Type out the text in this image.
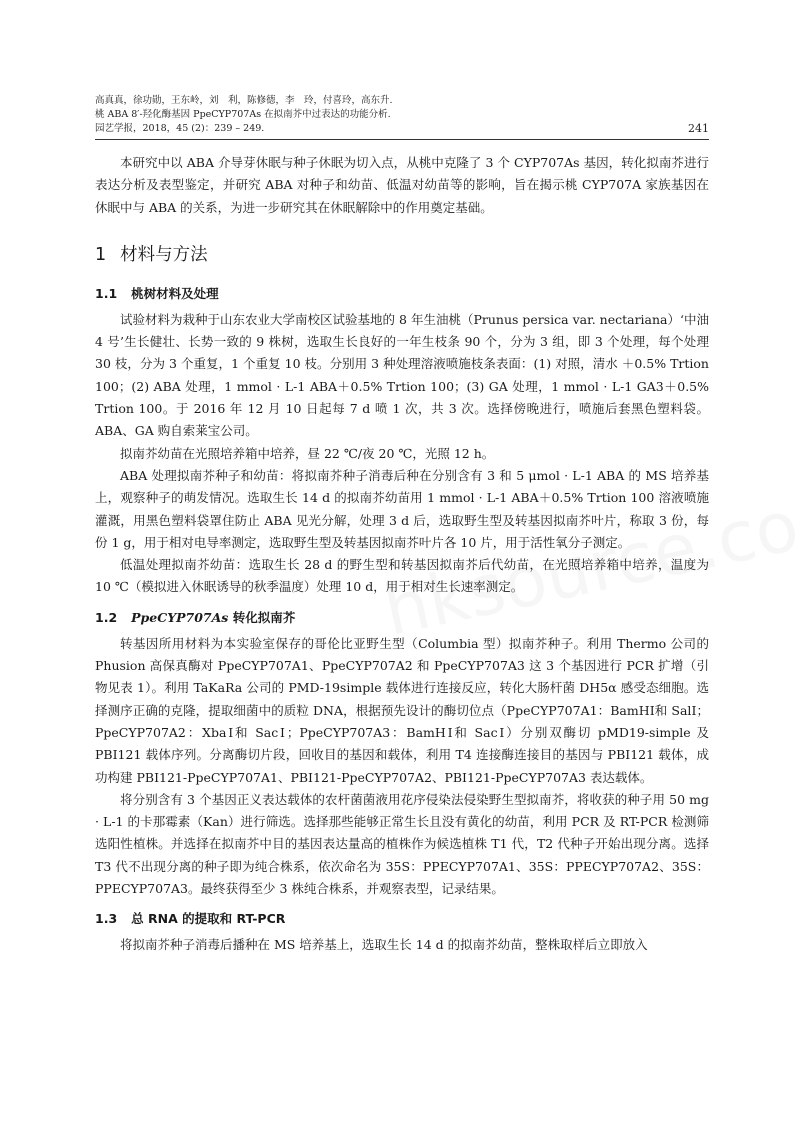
高真真，徐功勋，王东岭，刘　利，陈修德，李　玲，付喜玲，高东升.
桃 ABA 8′-羟化酶基因 PpeCYP707As 在拟南芥中过表达的功能分析.
园艺学报，2018，45 (2)：239 – 249.	241

本研究中以 ABA 介导芽休眠与种子休眠为切入点，从桃中克隆了 3 个 CYP707As 基因，转化拟南芥进行表达分析及表型鉴定，并研究 ABA 对种子和幼苗、低温对幼苗等的影响，旨在揭示桃 CYP707A 家族基因在休眠中与 ABA 的关系，为进一步研究其在休眠解除中的作用奠定基础。

1 材料与方法
1.1 桃树材料及处理

试验材料为栽种于山东农业大学南校区试验基地的 8 年生油桃（Prunus persica var. nectariana）‘中油 4 号’生长健壮、长势一致的 9 株树，选取生长良好的一年生枝条 90 个，分为 3 组，即 3 个处理，每个处理 30 枝，分为 3 个重复，1 个重复 10 枝。分别用 3 种处理溶液喷施枝条表面：(1) 对照，清水 ＋0.5% Trtion 100；(2) ABA 处理，1 mmol · L-1 ABA＋0.5% Trtion 100；(3) GA 处理，1 mmol · L-1 GA3＋0.5% Trtion 100。于 2016 年 12 月 10 日起每 7 d 喷 1 次，共 3 次。选择傍晚进行，喷施后套黑色塑料袋。ABA、GA 购自索莱宝公司。

拟南芥幼苗在光照培养箱中培养，昼 22 ℃/夜 20 ℃，光照 12 h。

ABA 处理拟南芥种子和幼苗：将拟南芥种子消毒后种在分别含有 3 和 5 μmol · L-1 ABA 的 MS 培养基上，观察种子的萌发情况。选取生长 14 d 的拟南芥幼苗用 1 mmol · L-1 ABA＋0.5% Trtion 100 溶液喷施灌溉，用黑色塑料袋罩住防止 ABA 见光分解，处理 3 d 后，选取野生型及转基因拟南芥叶片，称取 3 份，每份 1 g，用于相对电导率测定，选取野生型及转基因拟南芥叶片各 10 片，用于活性氧分子测定。

低温处理拟南芥幼苗：选取生长 28 d 的野生型和转基因拟南芥后代幼苗，在光照培养箱中培养，温度为 10 ℃（模拟进入休眠诱导的秋季温度）处理 10 d，用于相对生长速率测定。

1.2 PpeCYP707As 转化拟南芥

转基因所用材料为本实验室保存的哥伦比亚野生型（Columbia 型）拟南芥种子。利用 Thermo 公司的 Phusion 高保真酶对 PpeCYP707A1、PpeCYP707A2 和 PpeCYP707A3 这 3 个基因进行 PCR 扩增（引物见表 1）。利用 TaKaRa 公司的 PMD-19simple 载体进行连接反应，转化大肠杆菌 DH5α 感受态细胞。选择测序正确的克隆，提取细菌中的质粒 DNA，根据预先设计的酶切位点（PpeCYP707A1：BamHⅠ和 SalⅠ；PpeCYP707A2：XbaⅠ和 SacⅠ；PpeCYP707A3：BamHⅠ和 SacⅠ）分别双酶切 pMD19-simple 及 PBI121 载体序列。分离酶切片段，回收目的基因和载体，利用 T4 连接酶连接目的基因与 PBI121 载体，成功构建 PBI121-PpeCYP707A1、PBI121-PpeCYP707A2、PBI121-PpeCYP707A3 表达载体。

将分别含有 3 个基因正义表达载体的农杆菌菌液用花序侵染法侵染野生型拟南芥，将收获的种子用 50 mg · L-1 的卡那霉素（Kan）进行筛选。选择那些能够正常生长且没有黄化的幼苗，利用 PCR 及 RT-PCR 检测筛选阳性植株。并选择在拟南芥中目的基因表达量高的植株作为候选植株 T1 代，T2 代种子开始出现分离。选择 T3 代不出现分离的种子即为纯合株系，依次命名为 35S：PPECYP707A1、35S：PPECYP707A2、35S：PPECYP707A3。最终获得至少 3 株纯合株系，并观察表型，记录结果。

1.3 总 RNA 的提取和 RT-PCR

将拟南芥种子消毒后播种在 MS 培养基上，选取生长 14 d 的拟南芥幼苗，整株取样后立即放入
